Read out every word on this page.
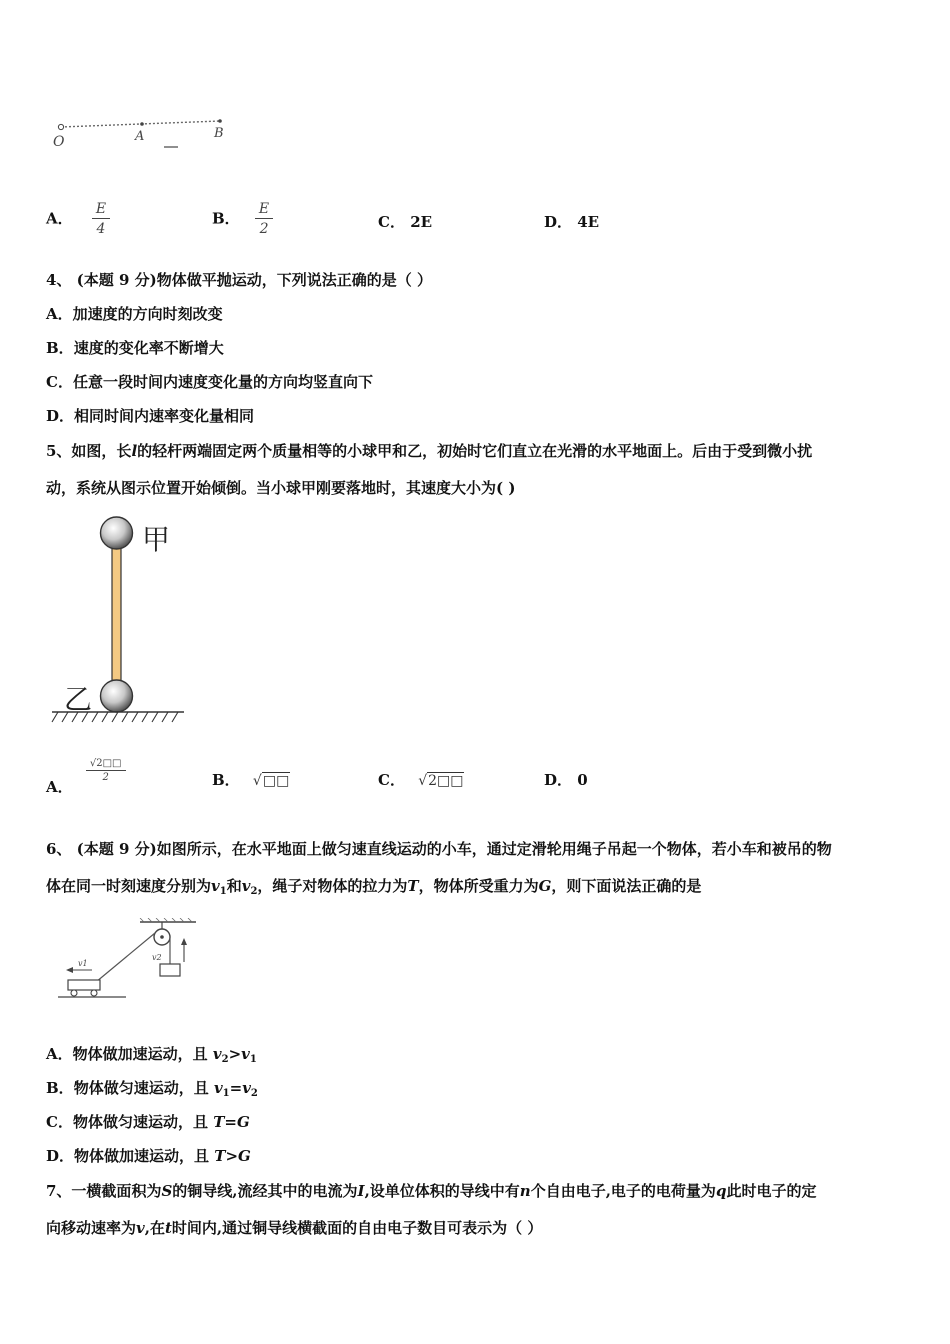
O	A	B
A． $\frac{E}{4}$	B． $\frac{E}{2}$	C． 2E	D． 4E
4、 (本题 9 分)物体做平抛运动，下列说法正确的是（ ）
A．加速度的方向时刻改变
B．速度的变化率不断增大
C．任意一段时间内速度变化量的方向均竖直向下
D．相同时间内速率变化量相同
5、如图，长l的轻杆两端固定两个质量相等的小球甲和乙，初始时它们直立在光滑的水平地面上。后由于受到微小扰
动，系统从图示位置开始倾倒。当小球甲刚要落地时，其速度大小为( )
甲
乙
A．
$\frac{√2□□}{2}$	B． √□□	C． √2□□	D． 0
6、 (本题 9 分)如图所示，在水平地面上做匀速直线运动的小车，通过定滑轮用绳子吊起一个物体，若小车和被吊的物
体在同一时刻速度分别为$v_1$和$v_2$，绳子对物体的拉力为T，物体所受重力为G，则下面说法正确的是
v2
v1
A．物体做加速运动，且 $v_2>v_1$
B．物体做匀速运动，且 $v_1=v_2$
C．物体做匀速运动，且 T=G
D．物体做加速运动，且 T>G
7、一横截面积为S的铜导线,流经其中的电流为I,设单位体积的导线中有n个自由电子,电子的电荷量为q此时电子的定
向移动速率为v,在t时间内,通过铜导线横截面的自由电子数目可表示为（ ）
